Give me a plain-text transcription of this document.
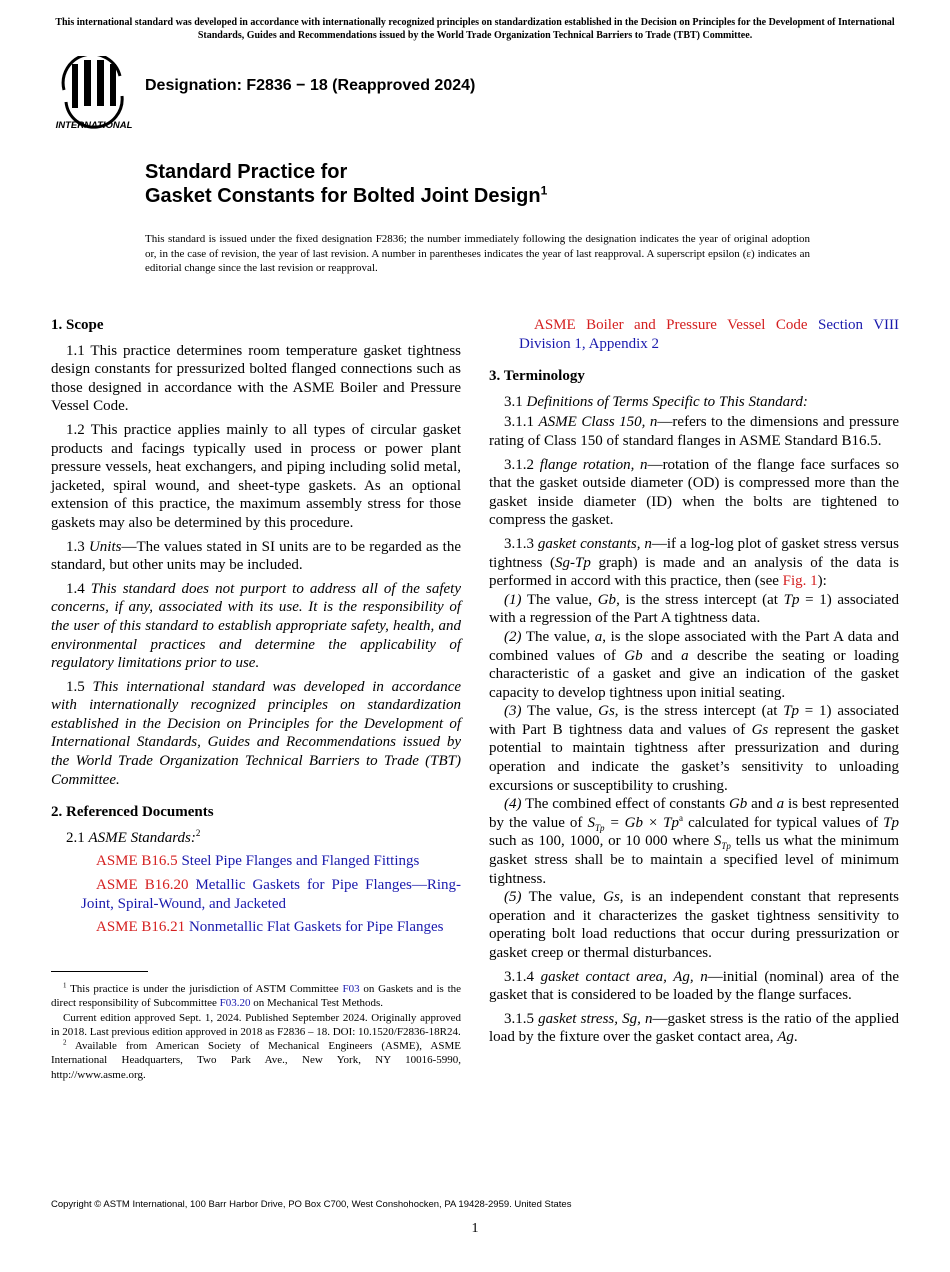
This international standard was developed in accordance with internationally recognized principles on standardization established in the Decision on Principles for the Development of International Standards, Guides and Recommendations issued by the World Trade Organization Technical Barriers to Trade (TBT) Committee.
INTERNATIONAL
Designation: F2836 − 18 (Reapproved 2024)
Standard Practice for
Gasket Constants for Bolted Joint Design$^1$
This standard is issued under the fixed designation F2836; the number immediately following the designation indicates the year of original adoption or, in the case of revision, the year of last revision. A number in parentheses indicates the year of last reapproval. A superscript epsilon (ε) indicates an editorial change since the last revision or reapproval.
1. Scope

1.1 This practice determines room temperature gasket tightness design constants for pressurized bolted flanged connections such as those designed in accordance with the ASME Boiler and Pressure Vessel Code.

1.2 This practice applies mainly to all types of circular gasket products and facings typically used in process or power plant pressure vessels, heat exchangers, and piping including solid metal, jacketed, spiral wound, and sheet-type gaskets. As an optional extension of this practice, the maximum assembly stress for those gaskets may also be determined by this procedure.

1.3 Units—The values stated in SI units are to be regarded as the standard, but other units may be included.

1.4 This standard does not purport to address all of the safety concerns, if any, associated with its use. It is the responsibility of the user of this standard to establish appropriate safety, health, and environmental practices and determine the applicability of regulatory limitations prior to use.

1.5 This international standard was developed in accordance with internationally recognized principles on standardization established in the Decision on Principles for the Development of International Standards, Guides and Recommendations issued by the World Trade Organization Technical Barriers to Trade (TBT) Committee.

2. Referenced Documents

2.1 ASME Standards:$^2$

ASME B16.5 Steel Pipe Flanges and Flanged Fittings

ASME B16.20 Metallic Gaskets for Pipe Flanges—Ring-Joint, Spiral-Wound, and Jacketed

ASME B16.21 Nonmetallic Flat Gaskets for Pipe Flanges

$^1$ This practice is under the jurisdiction of ASTM Committee F03 on Gaskets and is the direct responsibility of Subcommittee F03.20 on Mechanical Test Methods.

Current edition approved Sept. 1, 2024. Published September 2024. Originally approved in 2018. Last previous edition approved in 2018 as F2836 – 18. DOI: 10.1520/F2836-18R24.

$^2$ Available from American Society of Mechanical Engineers (ASME), ASME International Headquarters, Two Park Ave., New York, NY 10016-5990, http://www.asme.org.

ASME Boiler and Pressure Vessel Code Section VIII Division 1, Appendix 2

3. Terminology

3.1 Definitions of Terms Specific to This Standard:

3.1.1 ASME Class 150, n—refers to the dimensions and pressure rating of Class 150 of standard flanges in ASME Standard B16.5.

3.1.2 flange rotation, n—rotation of the flange face surfaces so that the gasket outside diameter (OD) is compressed more than the gasket inside diameter (ID) when the bolts are tightened to compress the gasket.

3.1.3 gasket constants, n—if a log-log plot of gasket stress versus tightness (Sg-Tp graph) is made and an analysis of the data is performed in accord with this practice, then (see Fig. 1):

(1) The value, Gb, is the stress intercept (at Tp = 1) associated with a regression of the Part A tightness data.

(2) The value, a, is the slope associated with the Part A data and combined values of Gb and a describe the seating or loading characteristic of a gasket and give an indication of the gasket capacity to develop tightness upon initial seating.

(3) The value, Gs, is the stress intercept (at Tp = 1) associated with Part B tightness data and values of Gs represent the gasket potential to maintain tightness after pressurization and during operation and indicate the gasket’s sensitivity to unloading excursions or susceptibility to crushing.

(4) The combined effect of constants Gb and a is best represented by the value of $S_{Tp} = Gb \times Tp^a$ calculated for typical values of Tp such as 100, 1000, or 10 000 where $S_{Tp}$ tells us what the minimum gasket stress shall be to maintain a specified level of minimum tightness.

(5) The value, Gs, is an independent constant that represents operation and it characterizes the gasket tightness sensitivity to operating bolt load reductions that occur during pressurization or gasket creep or thermal disturbances.

3.1.4 gasket contact area, Ag, n—initial (nominal) area of the gasket that is considered to be loaded by the flange surfaces.

3.1.5 gasket stress, Sg, n—gasket stress is the ratio of the applied load by the fixture over the gasket contact area, Ag.

Copyright © ASTM International, 100 Barr Harbor Drive, PO Box C700, West Conshohocken, PA 19428-2959. United States
1
